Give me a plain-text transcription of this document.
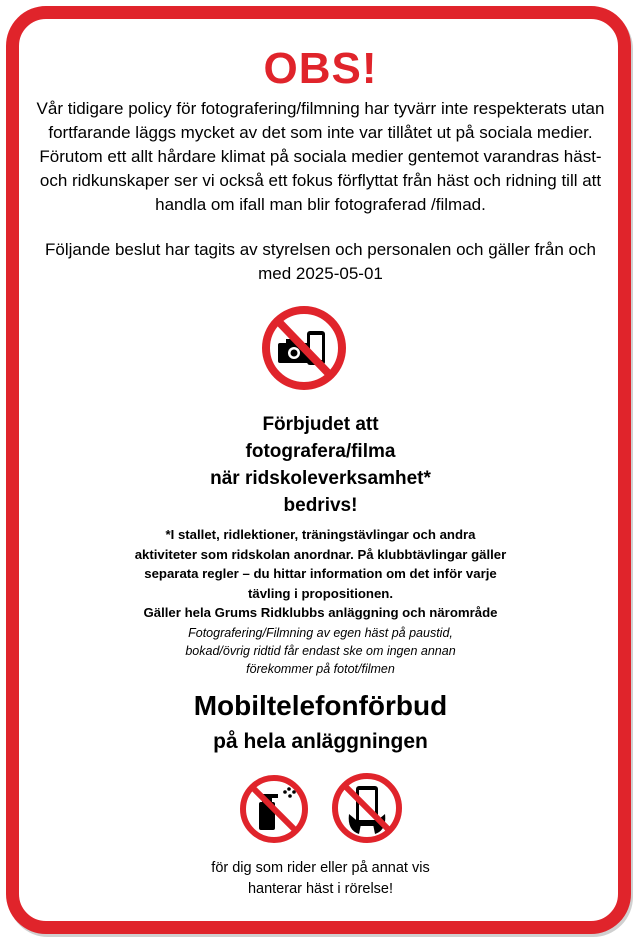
OBS!
Vår tidigare policy för fotografering/filmning har tyvärr inte respekterats utan fortfarande läggs mycket av det som inte var tillåtet ut på sociala medier. Förutom ett allt hårdare klimat på sociala medier gentemot varandras häst- och ridkunskaper ser vi också ett fokus förflyttat från häst och ridning till att handla om ifall man blir fotograferad /filmad.
Följande beslut har tagits av styrelsen och personalen och gäller från och med 2025-05-01
Förbjudet att
fotografera/filma
när ridskoleverksamhet*
bedrivs!
*I stallet, ridlektioner, träningstävlingar och andra
aktiviteter som ridskolan anordnar. På klubbtävlingar gäller
separata regler – du hittar information om det inför varje
tävling i propositionen.
Gäller hela Grums Ridklubbs anläggning och närområde
Fotografering/Filmning av egen häst på paustid,
bokad/övrig ridtid får endast ske om ingen annan
förekommer på fotot/filmen
Mobiltelefonförbud
på hela anläggningen
för dig som rider eller på annat vis
hanterar häst i rörelse!
